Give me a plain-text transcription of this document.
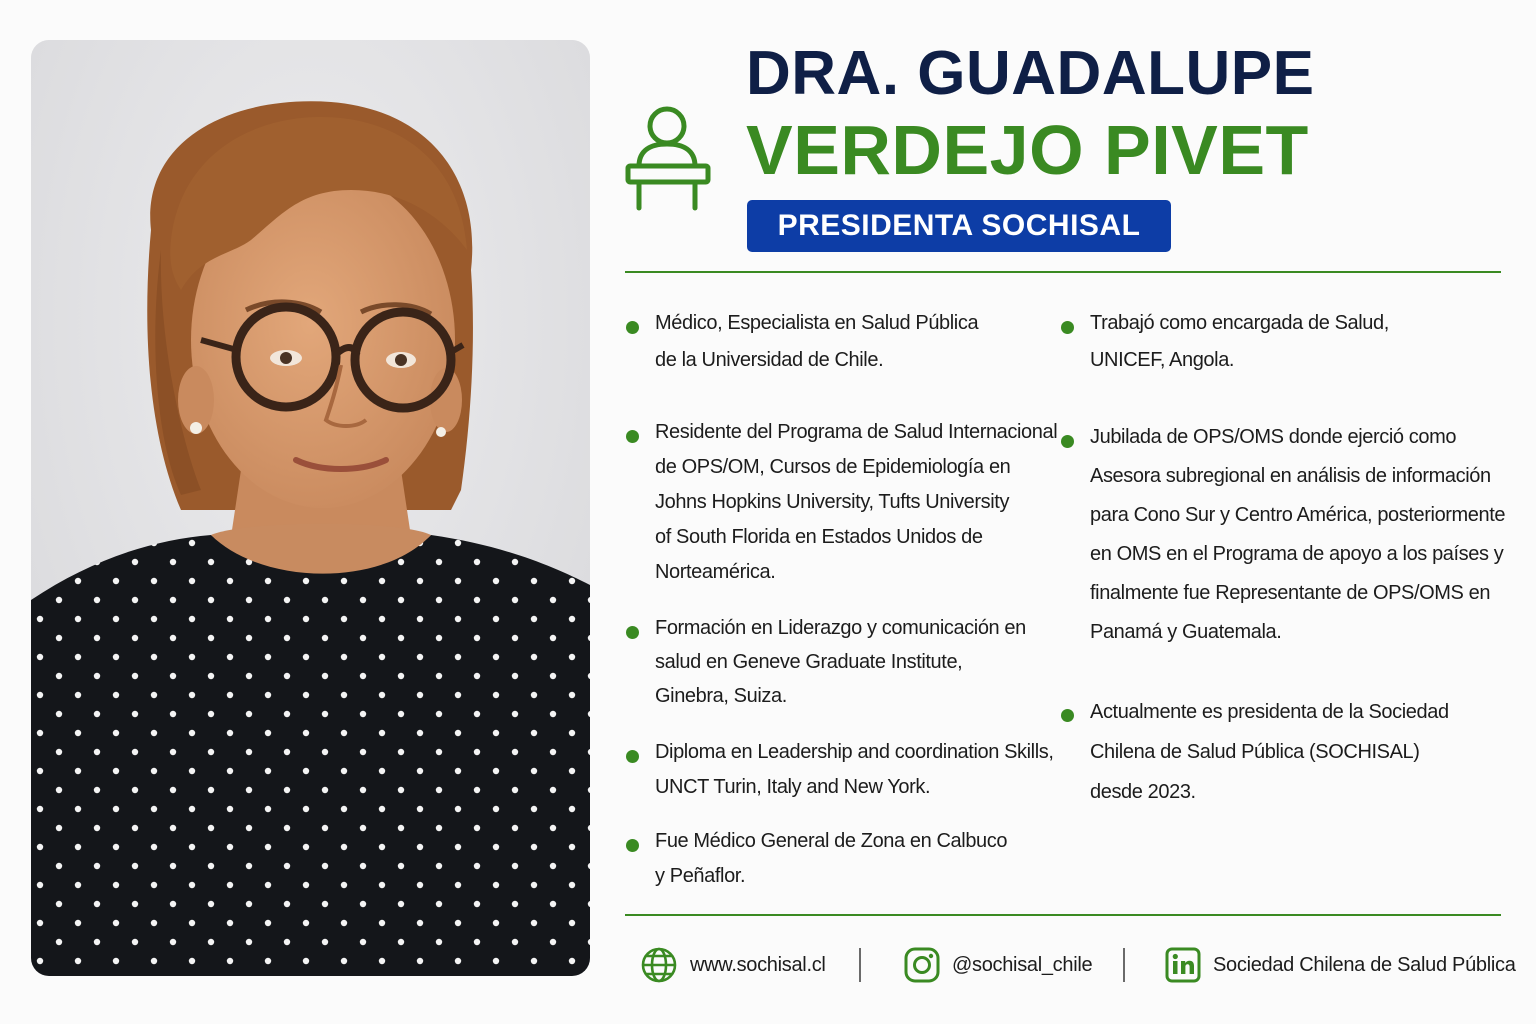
DRA. GUADALUPE
VERDEJO PIVET
PRESIDENTA SOCHISAL
Médico, Especialista en Salud Pública
de la Universidad de Chile.
Residente del Programa de Salud Internacional
de OPS/OM, Cursos de Epidemiología en
Johns Hopkins University, Tufts University
of South Florida en Estados Unidos de
Norteamérica.
Formación en Liderazgo y comunicación en
salud en Geneve Graduate Institute,
Ginebra, Suiza.
Diploma en Leadership and coordination Skills,
UNCT Turin, Italy and New York.
Fue Médico General de Zona en Calbuco
y Peñaflor.
Trabajó como encargada de Salud,
UNICEF, Angola.
Jubilada de OPS/OMS donde ejerció como
Asesora subregional en análisis de información
para Cono Sur y Centro América, posteriormente
en OMS en el Programa de apoyo a los países y
finalmente fue Representante de OPS/OMS en
Panamá y Guatemala.
Actualmente es presidenta de la Sociedad
Chilena de Salud Pública (SOCHISAL)
desde 2023.
www.sochisal.cl	@sochisal_chile	Sociedad Chilena de Salud Pública
